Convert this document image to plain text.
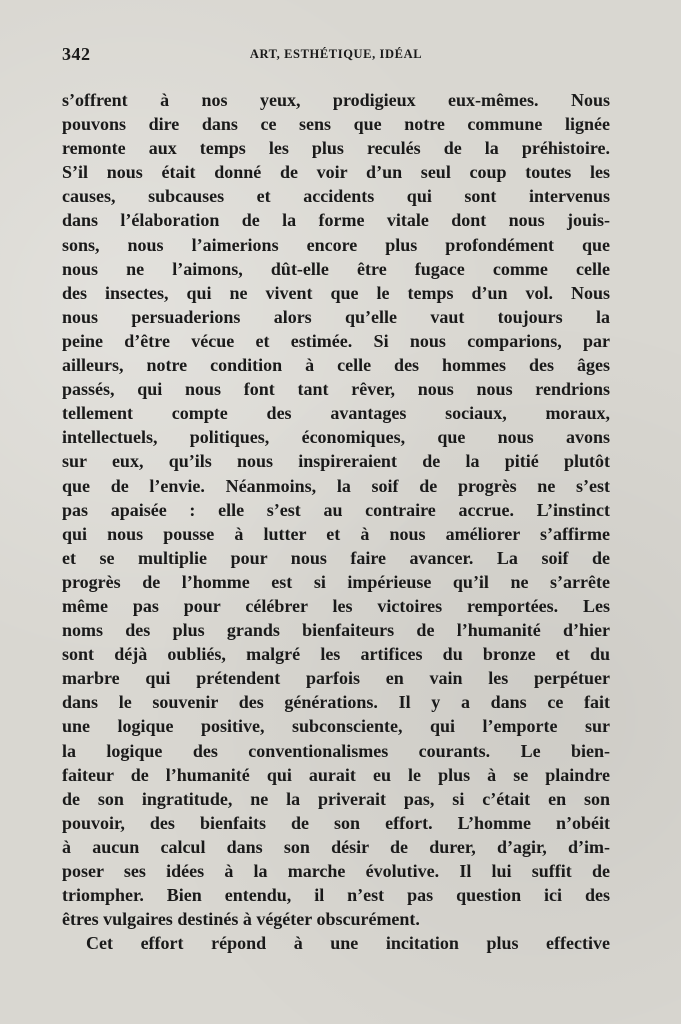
342	ART, ESTHÉTIQUE, IDÉAL
s’offrent à nos yeux, prodigieux eux-mêmes. Nous
pouvons dire dans ce sens que notre commune lignée
remonte aux temps les plus reculés de la préhistoire.
S’il nous était donné de voir d’un seul coup toutes les
causes, subcauses et accidents qui sont intervenus
dans l’élaboration de la forme vitale dont nous jouis-
sons, nous l’aimerions encore plus profondément que
nous ne l’aimons, dût-elle être fugace comme celle
des insectes, qui ne vivent que le temps d’un vol. Nous
nous persuaderions alors qu’elle vaut toujours la
peine d’être vécue et estimée. Si nous comparions, par
ailleurs, notre condition à celle des hommes des âges
passés, qui nous font tant rêver, nous nous rendrions
tellement compte des avantages sociaux, moraux,
intellectuels, politiques, économiques, que nous avons
sur eux, qu’ils nous inspireraient de la pitié plutôt
que de l’envie. Néanmoins, la soif de progrès ne s’est
pas apaisée : elle s’est au contraire accrue. L’instinct
qui nous pousse à lutter et à nous améliorer s’affirme
et se multiplie pour nous faire avancer. La soif de
progrès de l’homme est si impérieuse qu’il ne s’arrête
même pas pour célébrer les victoires remportées. Les
noms des plus grands bienfaiteurs de l’humanité d’hier
sont déjà oubliés, malgré les artifices du bronze et du
marbre qui prétendent parfois en vain les perpétuer
dans le souvenir des générations. Il y a dans ce fait
une logique positive, subconsciente, qui l’emporte sur
la logique des conventionalismes courants. Le bien-
faiteur de l’humanité qui aurait eu le plus à se plaindre
de son ingratitude, ne la priverait pas, si c’était en son
pouvoir, des bienfaits de son effort. L’homme n’obéit
à aucun calcul dans son désir de durer, d’agir, d’im-
poser ses idées à la marche évolutive. Il lui suffit de
triompher. Bien entendu, il n’est pas question ici des
êtres vulgaires destinés à végéter obscurément.
Cet effort répond à une incitation plus effective
